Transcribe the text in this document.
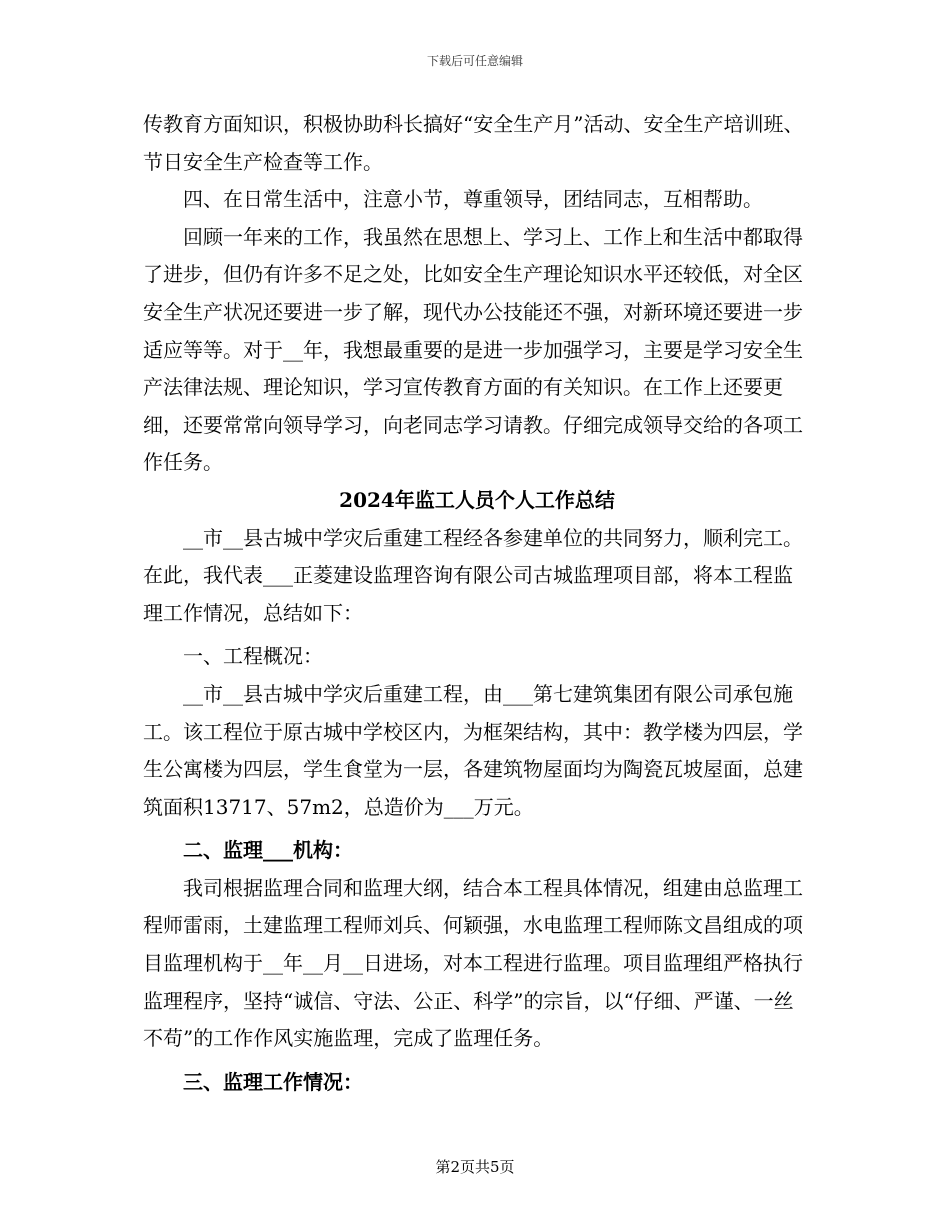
下载后可任意编辑

传教育方面知识，积极协助科长搞好“安全生产月”活动、安全生产培训班、节日安全生产检查等工作。

四、在日常生活中，注意小节，尊重领导，团结同志，互相帮助。

回顾一年来的工作，我虽然在思想上、学习上、工作上和生活中都取得了进步，但仍有许多不足之处，比如安全生产理论知识水平还较低，对全区安全生产状况还要进一步了解，现代办公技能还不强，对新环境还要进一步适应等等。对于__年，我想最重要的是进一步加强学习，主要是学习安全生产法律法规、理论知识，学习宣传教育方面的有关知识。在工作上还要更细，还要常常向领导学习，向老同志学习请教。仔细完成领导交给的各项工作任务。

2024年监工人员个人工作总结

__市__县古城中学灾后重建工程经各参建单位的共同努力，顺利完工。在此，我代表___正菱建设监理咨询有限公司古城监理项目部，将本工程监理工作情况，总结如下：

一、工程概况：

__市__县古城中学灾后重建工程，由___第七建筑集团有限公司承包施工。该工程位于原古城中学校区内，为框架结构，其中：教学楼为四层，学生公寓楼为四层，学生食堂为一层，各建筑物屋面均为陶瓷瓦坡屋面，总建筑面积13717、57m2，总造价为___万元。

二、监理___机构：

我司根据监理合同和监理大纲，结合本工程具体情况，组建由总监理工程师雷雨，土建监理工程师刘兵、何颖强，水电监理工程师陈文昌组成的项目监理机构于__年__月__日进场，对本工程进行监理。项目监理组严格执行监理程序，坚持“诚信、守法、公正、科学”的宗旨，以“仔细、严谨、一丝不苟”的工作作风实施监理，完成了监理任务。

三、监理工作情况：

第2页共5页
